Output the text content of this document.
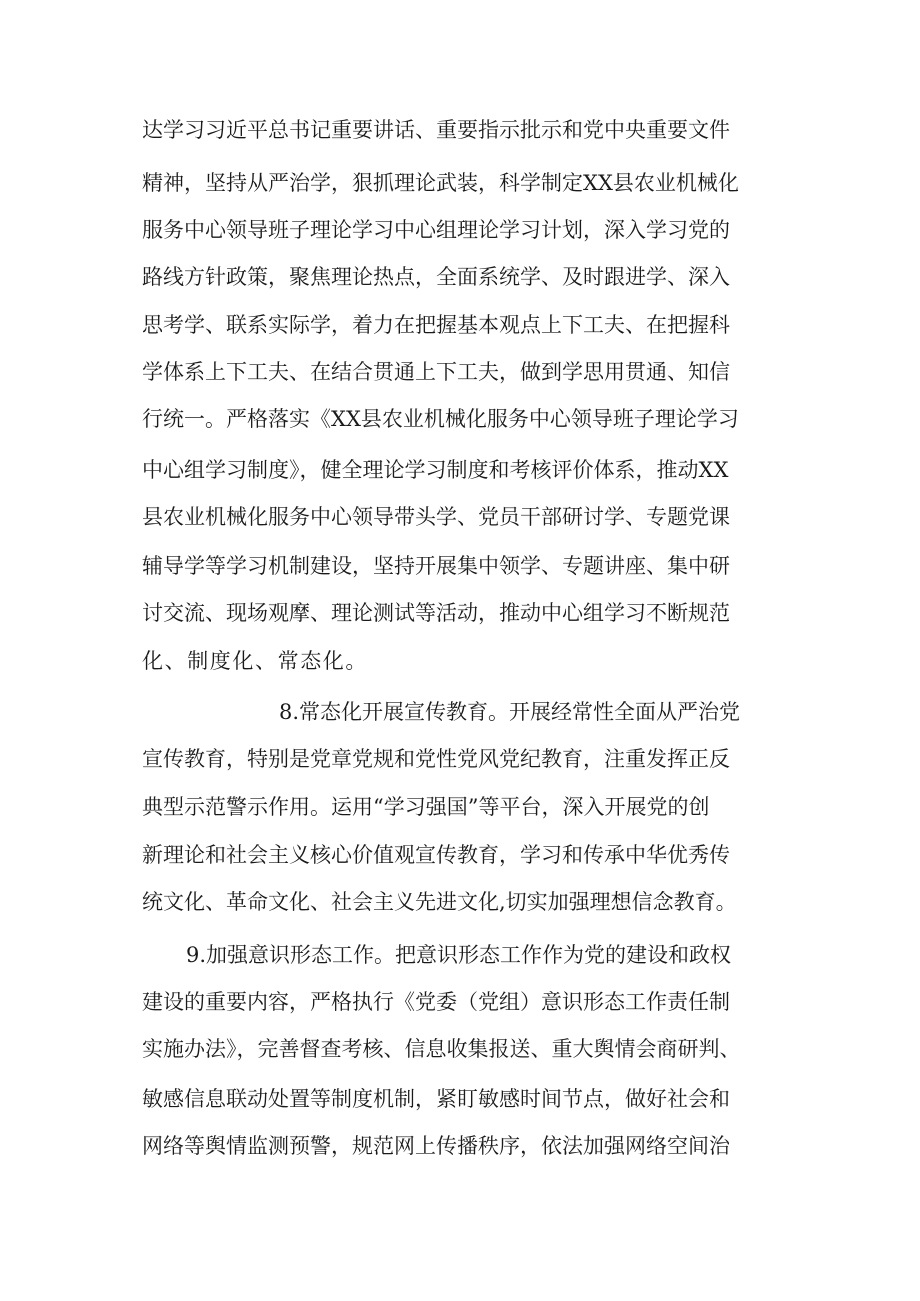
达学习习近平总书记重要讲话、重要指示批示和党中央重要文件
精神，坚持从严治学，狠抓理论武装，科学制定XX县农业机械化
服务中心领导班子理论学习中心组理论学习计划，深入学习党的
路线方针政策，聚焦理论热点，全面系统学、及时跟进学、深入
思考学、联系实际学，着力在把握基本观点上下工夫、在把握科
学体系上下工夫、在结合贯通上下工夫，做到学思用贯通、知信
行统一。严格落实《XX县农业机械化服务中心领导班子理论学习
中心组学习制度》，健全理论学习制度和考核评价体系，推动XX
县农业机械化服务中心领导带头学、党员干部研讨学、专题党课
辅导学等学习机制建设，坚持开展集中领学、专题讲座、集中研
讨交流、现场观摩、理论测试等活动，推动中心组学习不断规范
化、制度化、常态化。
8.常态化开展宣传教育。开展经常性全面从严治党
宣传教育，特别是党章党规和党性党风党纪教育，注重发挥正反
典型示范警示作用。运用“学习强国”等平台，深入开展党的创
新理论和社会主义核心价值观宣传教育，学习和传承中华优秀传
统文化、革命文化、社会主义先进文化,切实加强理想信念教育。
9.加强意识形态工作。把意识形态工作作为党的建设和政权
建设的重要内容，严格执行《党委（党组）意识形态工作责任制
实施办法》，完善督查考核、信息收集报送、重大舆情会商研判、
敏感信息联动处置等制度机制，紧盯敏感时间节点，做好社会和
网络等舆情监测预警，规范网上传播秩序，依法加强网络空间治
